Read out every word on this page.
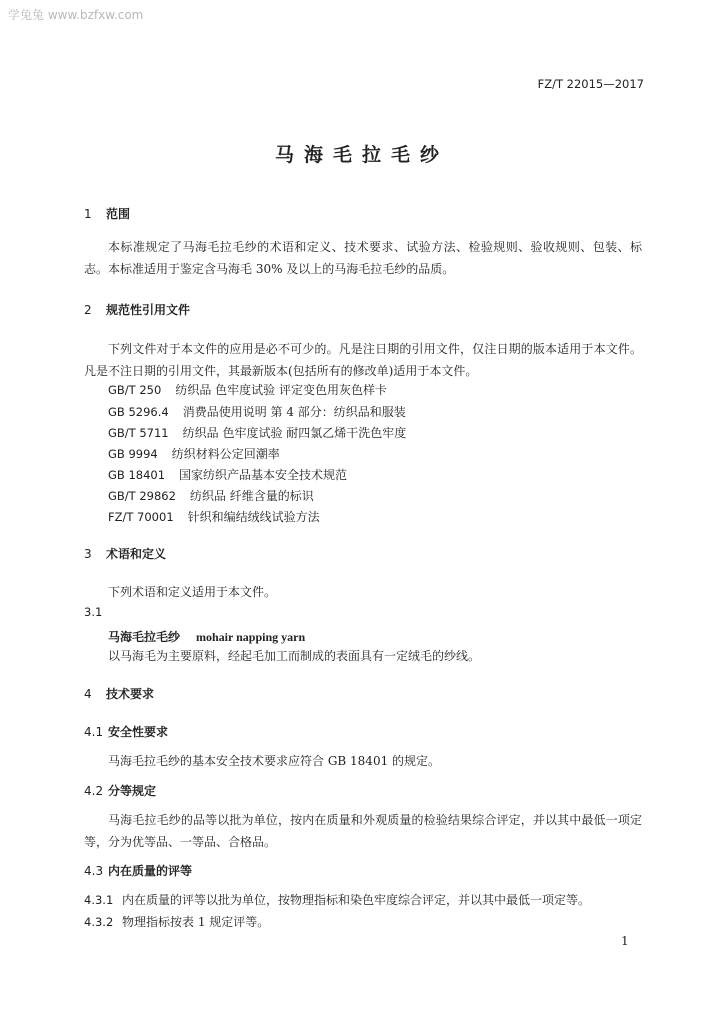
学兔兔 www.bzfxw.com
FZ/T 22015—2017
马海毛拉毛纱
1 范围
本标准规定了马海毛拉毛纱的术语和定义、技术要求、试验方法、检验规则、验收规则、包装、标志。 本标准适用于鉴定含马海毛 30% 及以上的马海毛拉毛纱的品质。
2 规范性引用文件
下列文件对于本文件的应用是必不可少的。凡是注日期的引用文件，仅注日期的版本适用于本文件。凡是不注日期的引用文件，其最新版本(包括所有的修改单)适用于本文件。
GB/T 250 纺织品 色牢度试验 评定变色用灰色样卡
GB 5296.4 消费品使用说明 第 4 部分：纺织品和服装
GB/T 5711 纺织品 色牢度试验 耐四氯乙烯干洗色牢度
GB 9994 纺织材料公定回潮率
GB 18401 国家纺织产品基本安全技术规范
GB/T 29862 纺织品 纤维含量的标识
FZ/T 70001 针织和编结绒线试验方法
3 术语和定义
下列术语和定义适用于本文件。
3.1
马海毛拉毛纱 mohair napping yarn
以马海毛为主要原料，经起毛加工而制成的表面具有一定绒毛的纱线。
4 技术要求
4.1 安全性要求
马海毛拉毛纱的基本安全技术要求应符合 GB 18401 的规定。
4.2 分等规定
马海毛拉毛纱的品等以批为单位，按内在质量和外观质量的检验结果综合评定，并以其中最低一项定等，分为优等品、一等品、合格品。
4.3 内在质量的评等
4.3.1 内在质量的评等以批为单位，按物理指标和染色牢度综合评定，并以其中最低一项定等。
4.3.2 物理指标按表 1 规定评等。
1
